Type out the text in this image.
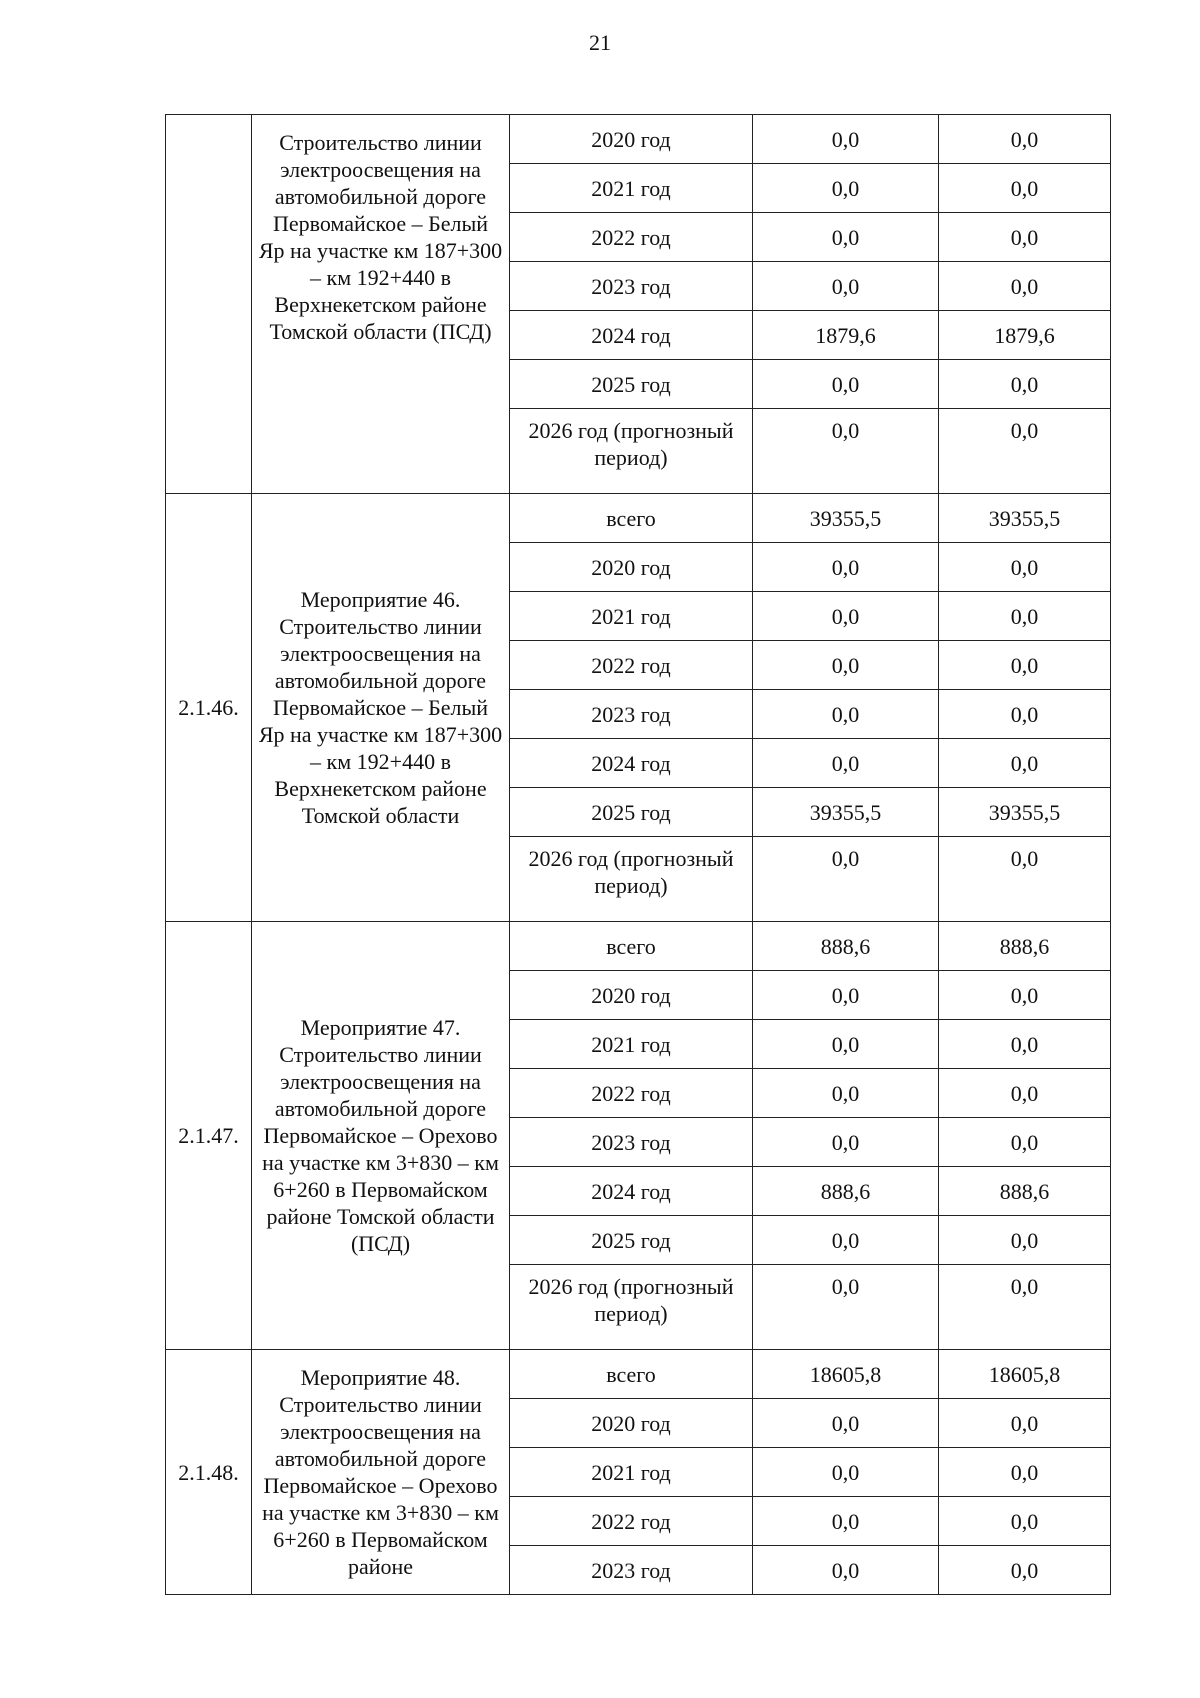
21
	Строительство линии электроосвещения на автомобильной дороге Первомайское – Белый Яр на участке км 187+300 – км 192+440 в Верхнекетском районе Томской области (ПСД)	2020 год	0,0	0,0
		2021 год	0,0	0,0
		2022 год	0,0	0,0
		2023 год	0,0	0,0
		2024 год	1879,6	1879,6
		2025 год	0,0	0,0
		2026 год (прогнозный период)	0,0	0,0
2.1.46.	Мероприятие 46. Строительство линии электроосвещения на автомобильной дороге Первомайское – Белый Яр на участке км 187+300 – км 192+440 в Верхнекетском районе Томской области	всего	39355,5	39355,5
		2020 год	0,0	0,0
		2021 год	0,0	0,0
		2022 год	0,0	0,0
		2023 год	0,0	0,0
		2024 год	0,0	0,0
		2025 год	39355,5	39355,5
		2026 год (прогнозный период)	0,0	0,0
2.1.47.	Мероприятие 47. Строительство линии электроосвещения на автомобильной дороге Первомайское – Орехово на участке км 3+830 – км 6+260 в Первомайском районе Томской области (ПСД)	всего	888,6	888,6
		2020 год	0,0	0,0
		2021 год	0,0	0,0
		2022 год	0,0	0,0
		2023 год	0,0	0,0
		2024 год	888,6	888,6
		2025 год	0,0	0,0
		2026 год (прогнозный период)	0,0	0,0
2.1.48.	Мероприятие 48. Строительство линии электроосвещения на автомобильной дороге Первомайское – Орехово на участке км 3+830 – км 6+260 в Первомайском районе	всего	18605,8	18605,8
		2020 год	0,0	0,0
		2021 год	0,0	0,0
		2022 год	0,0	0,0
		2023 год	0,0	0,0
